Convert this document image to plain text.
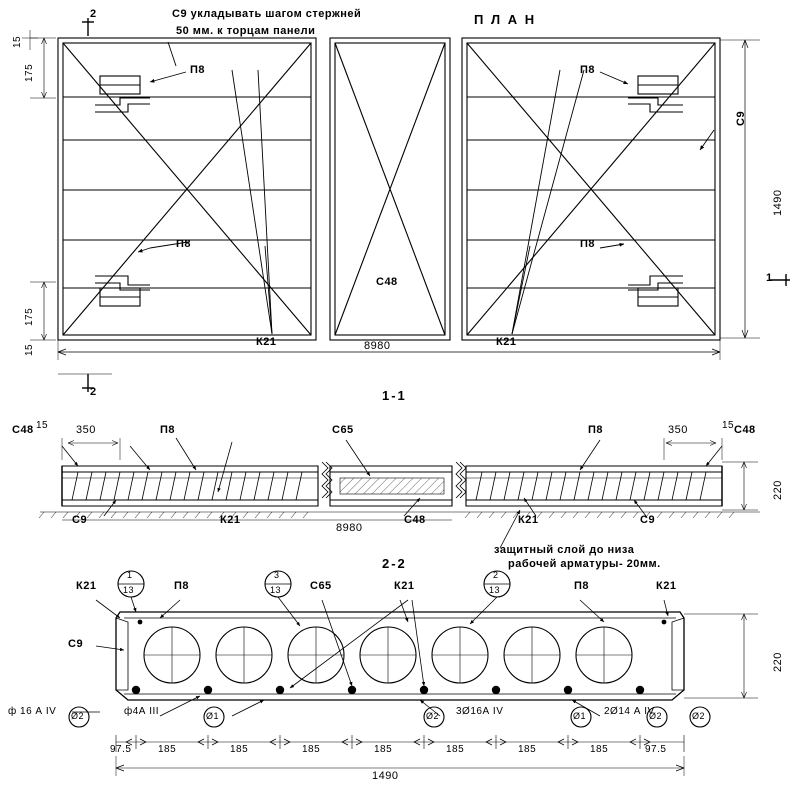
С9 укладывать шагом стержней
50 мм. к торцам панели
П Л А Н
П8
П8
П8
П8
К21	К21
С48
С9
8980
1490
175
175
15
15
2
2
1
1-1
С48	П8	С65	П8	С48
С9	К21	К21	С9
С48
15	350	350	15
8980
220
защитный слой до низа
рабочей арматуры- 20мм.
2-2
К21	П8	С65	К21	П8	К21
С9
1
13
3
13
2
13
ф 16 А IV Ø2	ф4А III	Ø1	Ø2 3Ø16А IV	Ø1 2Ø14 А IV
Ø2	Ø2
97.5	185	185	185	185	185	185	185	97.5
1490
220
